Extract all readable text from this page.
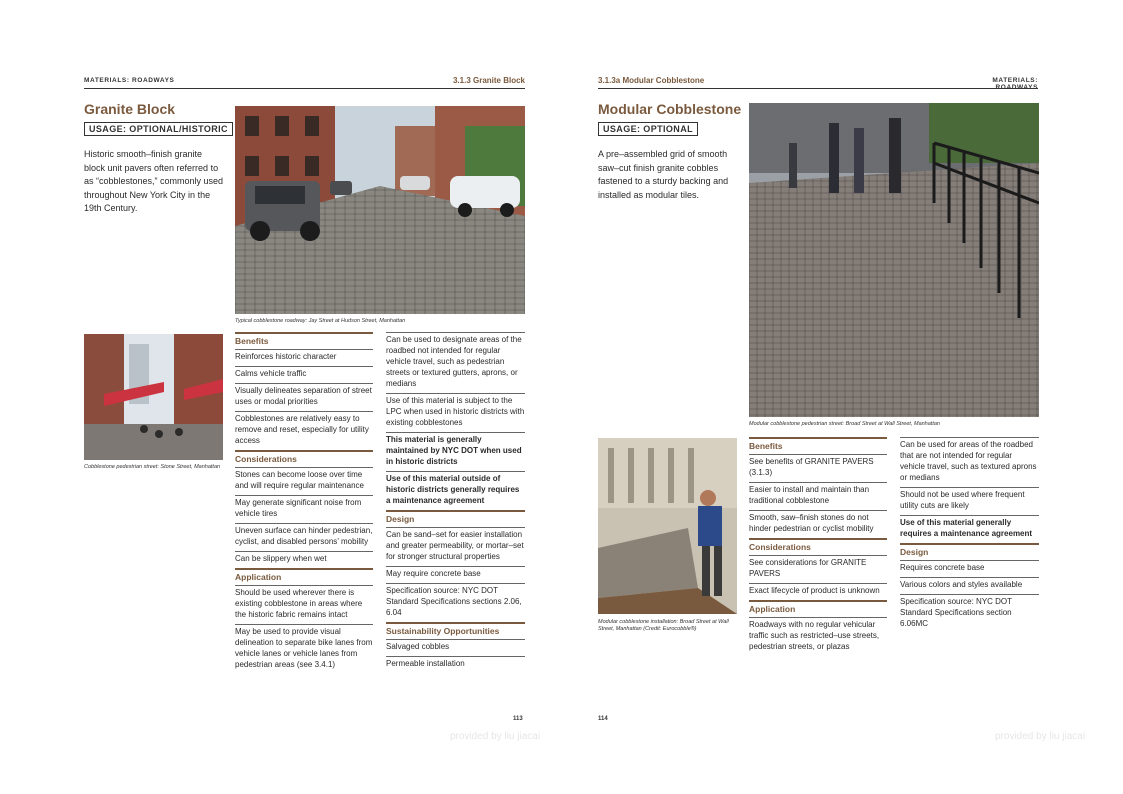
MATERIALS: ROADWAYS	3.1.3 Granite Block
Granite Block
USAGE: OPTIONAL/HISTORIC
Historic smooth–finish granite block unit pavers often referred to as “cobblestones,” commonly used throughout New York City in the 19th Century.
Typical cobblestone roadway: Jay Street at Hudson Street, Manhattan
Cobblestone pedestrian street: Stone Street, Manhattan
Benefits
Reinforces historic character
Calms vehicle traffic
Visually delineates separation of street uses or modal priorities
Cobblestones are relatively easy to remove and reset, especially for utility access
Considerations
Stones can become loose over time and will require regular maintenance
May generate significant noise from vehicle tires
Uneven surface can hinder pedestrian, cyclist, and disabled persons’ mobility
Can be slippery when wet
Application
Should be used wherever there is existing cobblestone in areas where the historic fabric remains intact
May be used to provide visual delineation to separate bike lanes from vehicle lanes or vehicle lanes from pedestrian areas (see 3.4.1)
Can be used to designate areas of the roadbed not intended for regular vehicle travel, such as pedestrian streets or textured gutters, aprons, or medians
Use of this material is subject to the LPC when used in historic districts with existing cobblestones
This material is generally maintained by NYC DOT when used in historic districts
Use of this material outside of historic districts generally requires a maintenance agreement
Design
Can be sand–set for easier installation and greater permeability, or mortar–set for stronger structural properties
May require concrete base
Specification source: NYC DOT Standard Specifications sections 2.06, 6.04
Sustainability Opportunities
Salvaged cobbles
Permeable installation
113
provided by liu jiacai
3.1.3a Modular Cobblestone	MATERIALS: ROADWAYS
Modular Cobblestone
USAGE: OPTIONAL
A pre–assembled grid of smooth saw–cut finish granite cobbles fastened to a sturdy backing and installed as modular tiles.
Modular cobblestone pedestrian street: Broad Street at Wall Street, Manhattan
Modular cobblestone installation: Broad Street at Wall Street, Manhattan (Credit: Eurocobble®)
Benefits
See benefits of GRANITE PAVERS (3.1.3)
Easier to install and maintain than traditional cobblestone
Smooth, saw–finish stones do not hinder pedestrian or cyclist mobility
Considerations
See considerations for GRANITE PAVERS
Exact lifecycle of product is unknown
Application
Roadways with no regular vehicular traffic such as restricted–use streets, pedestrian streets, or plazas
Can be used for areas of the roadbed that are not intended for regular vehicle travel, such as textured aprons or medians
Should not be used where frequent utility cuts are likely
Use of this material generally requires a maintenance agreement
Design
Requires concrete base
Various colors and styles available
Specification source: NYC DOT Standard Specifications section 6.06MC
114
provided by liu jiacai
